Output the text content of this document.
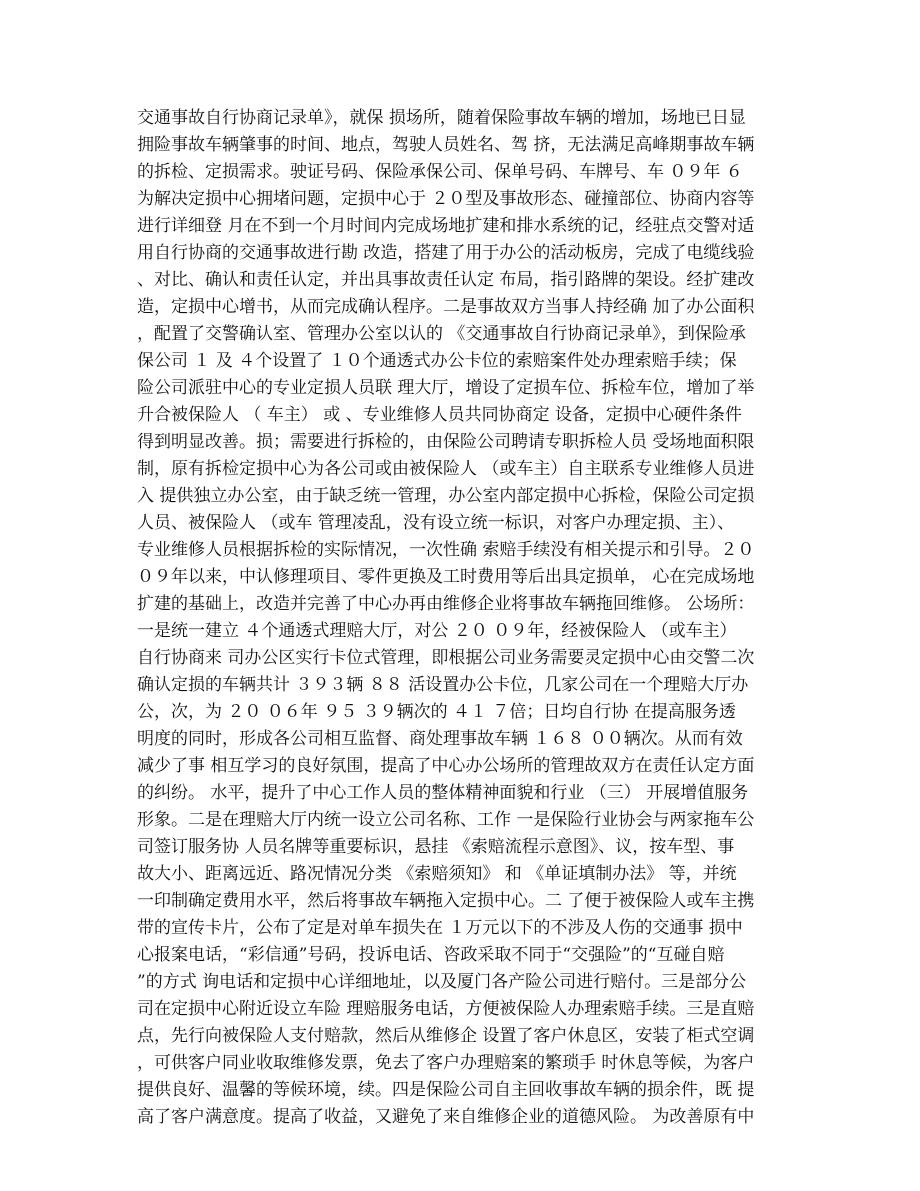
交通事故自行协商记录单》，就保 损场所，随着保险事故车辆的增加，场地已日显
拥险事故车辆肇事的时间、地点，驾驶人员姓名、驾 挤，无法满足高峰期事故车辆
的拆检、定损需求。驶证号码、保险承保公司、保单号码、车牌号、车 ０９年 ６
为解决定损中心拥堵问题，定损中心于 ２０型及事故形态、碰撞部位、协商内容等
进行详细登 月在不到一个月时间内完成场地扩建和排水系统的记，经驻点交警对适
用自行协商的交通事故进行勘 改造，搭建了用于办公的活动板房，完成了电缆线验
、对比、确认和责任认定，并出具事故责任认定 布局，指引路牌的架设。经扩建改
造，定损中心增书，从而完成确认程序。二是事故双方当事人持经确 加了办公面积
，配置了交警确认室、管理办公室以认的 《交通事故自行协商记录单》，到保险承
保公司 １ 及 ４个设置了 １０个通透式办公卡位的索赔案件处办理索赔手续；保
险公司派驻中心的专业定损人员联 理大厅，增设了定损车位、拆检车位，增加了举
升合被保险人 （ 车主） 或 、专业维修人员共同协商定 设备，定损中心硬件条件
得到明显改善。损；需要进行拆检的，由保险公司聘请专职拆检人员 受场地面积限
制，原有拆检定损中心为各公司或由被保险人 （或车主）自主联系专业维修人员进
入 提供独立办公室，由于缺乏统一管理，办公室内部定损中心拆检，保险公司定损
人员、被保险人 （或车 管理凌乱，没有设立统一标识，对客户办理定损、主）、
专业维修人员根据拆检的实际情况，一次性确 索赔手续没有相关提示和引导。２０
０９年以来，中认修理项目、零件更换及工时费用等后出具定损单， 心在完成场地
扩建的基础上，改造并完善了中心办再由维修企业将事故车辆拖回维修。 公场所：
一是统一建立 ４个通透式理赔大厅，对公 ２０ ０９年，经被保险人 （或车主）
自行协商来 司办公区实行卡位式管理，即根据公司业务需要灵定损中心由交警二次
确认定损的车辆共计 ３９３辆 ８８ 活设置办公卡位，几家公司在一个理赔大厅办
公，次，为 ２０ ０６年 ９５ ３９辆次的 ４１ ７倍；日均自行协 在提高服务透
明度的同时，形成各公司相互监督、商处理事故车辆 １６８ ００辆次。从而有效
减少了事 相互学习的良好氛围，提高了中心办公场所的管理故双方在责任认定方面
的纠纷。 水平，提升了中心工作人员的整体精神面貌和行业 （三） 开展增值服务
形象。二是在理赔大厅内统一设立公司名称、工作 一是保险行业协会与两家拖车公
司签订服务协 人员名牌等重要标识，悬挂 《索赔流程示意图》、议，按车型、事
故大小、距离远近、路况情况分类 《索赔须知》 和 《单证填制办法》 等，并统
一印制确定费用水平，然后将事故车辆拖入定损中心。二 了便于被保险人或车主携
带的宣传卡片，公布了定是对单车损失在 １万元以下的不涉及人伤的交通事 损中
心报案电话，“彩信通”号码，投诉电话、咨政采取不同于“交强险”的“互碰自赔
”的方式 询电话和定损中心详细地址，以及厦门各产险公司进行赔付。三是部分公
司在定损中心附近设立车险 理赔服务电话，方便被保险人办理索赔手续。三是直赔
点，先行向被保险人支付赔款，然后从维修企 设置了客户休息区，安装了柜式空调
，可供客户同业收取维修发票，免去了客户办理赔案的繁琐手 时休息等候，为客户
提供良好、温馨的等候环境，续。四是保险公司自主回收事故车辆的损余件，既 提
高了客户满意度。提高了收益，又避免了来自维修企业的道德风险。 为改善原有中
